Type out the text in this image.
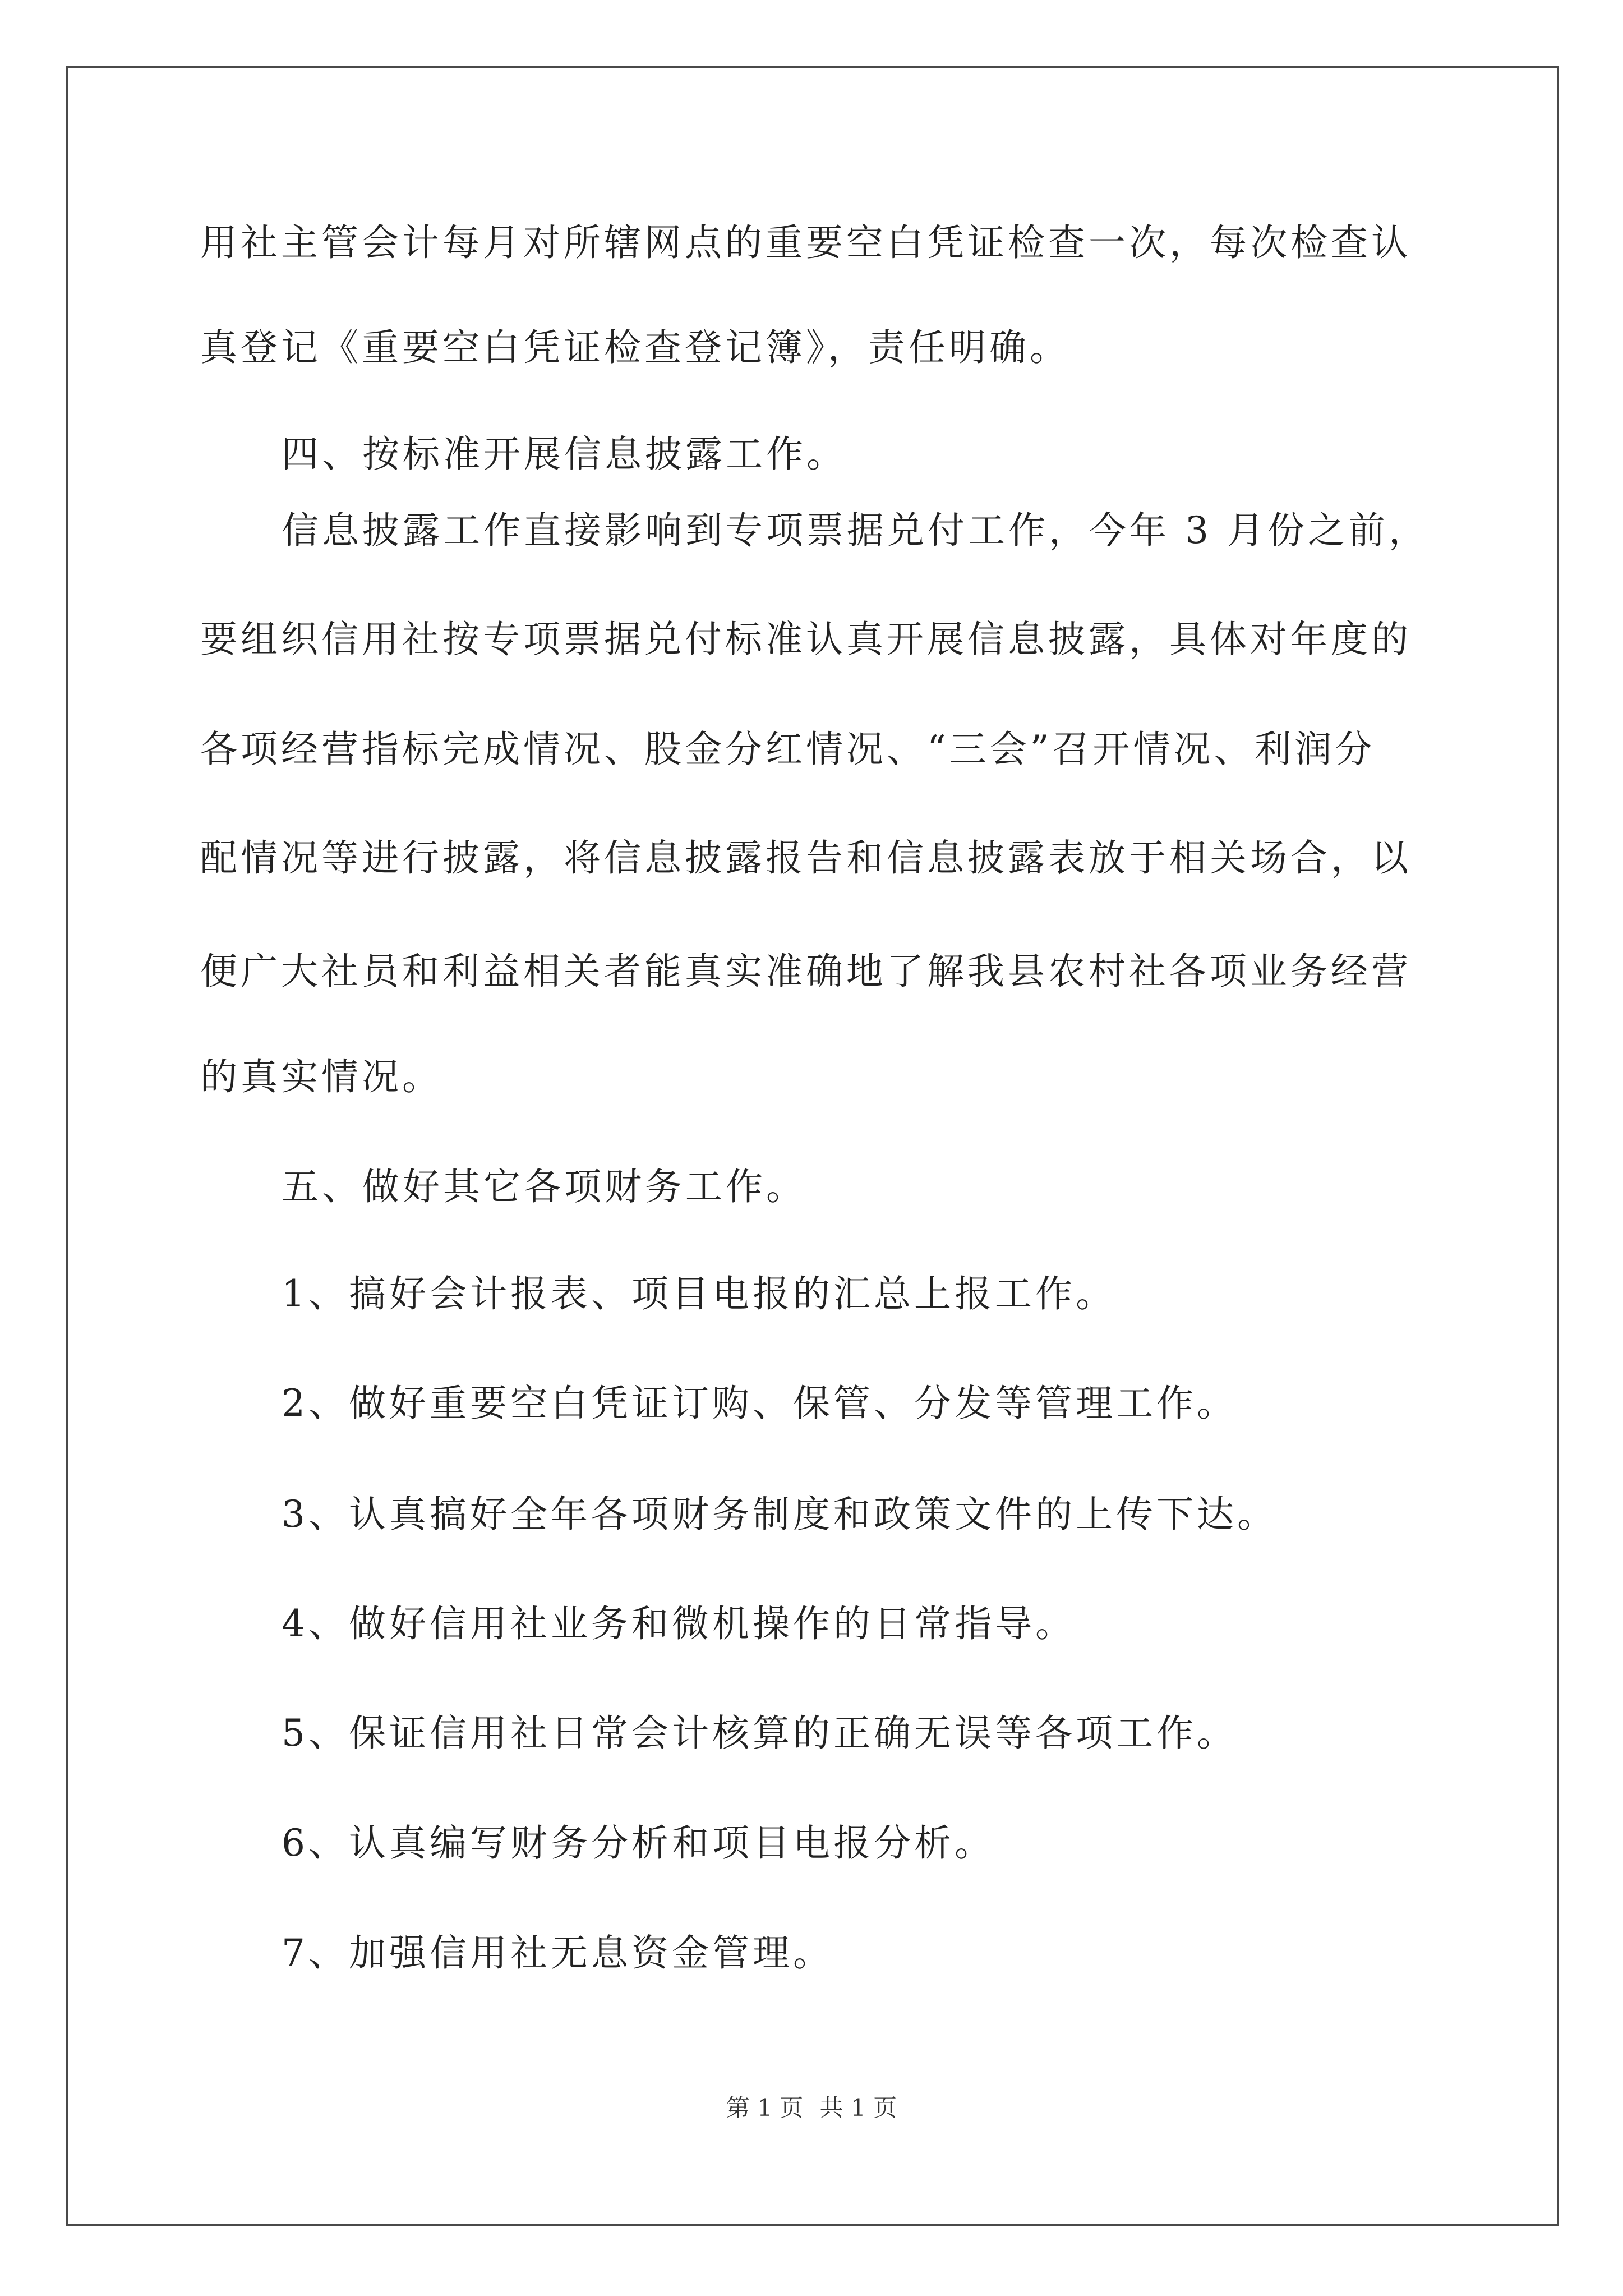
用社主管会计每月对所辖网点的重要空白凭证检查一次，每次检查认
真登记《重要空白凭证检查登记簿》，责任明确。
四、按标准开展信息披露工作。
信息披露工作直接影响到专项票据兑付工作，今年 3 月份之前，
要组织信用社按专项票据兑付标准认真开展信息披露，具体对年度的
各项经营指标完成情况、股金分红情况、“三会”召开情况、利润分
配情况等进行披露，将信息披露报告和信息披露表放于相关场合，以
便广大社员和利益相关者能真实准确地了解我县农村社各项业务经营
的真实情况。
五、做好其它各项财务工作。
1、搞好会计报表、项目电报的汇总上报工作。
2、做好重要空白凭证订购、保管、分发等管理工作。
3、认真搞好全年各项财务制度和政策文件的上传下达。
4、做好信用社业务和微机操作的日常指导。
5、保证信用社日常会计核算的正确无误等各项工作。
6、认真编写财务分析和项目电报分析。
7、加强信用社无息资金管理。
第 1 页 共 1 页
